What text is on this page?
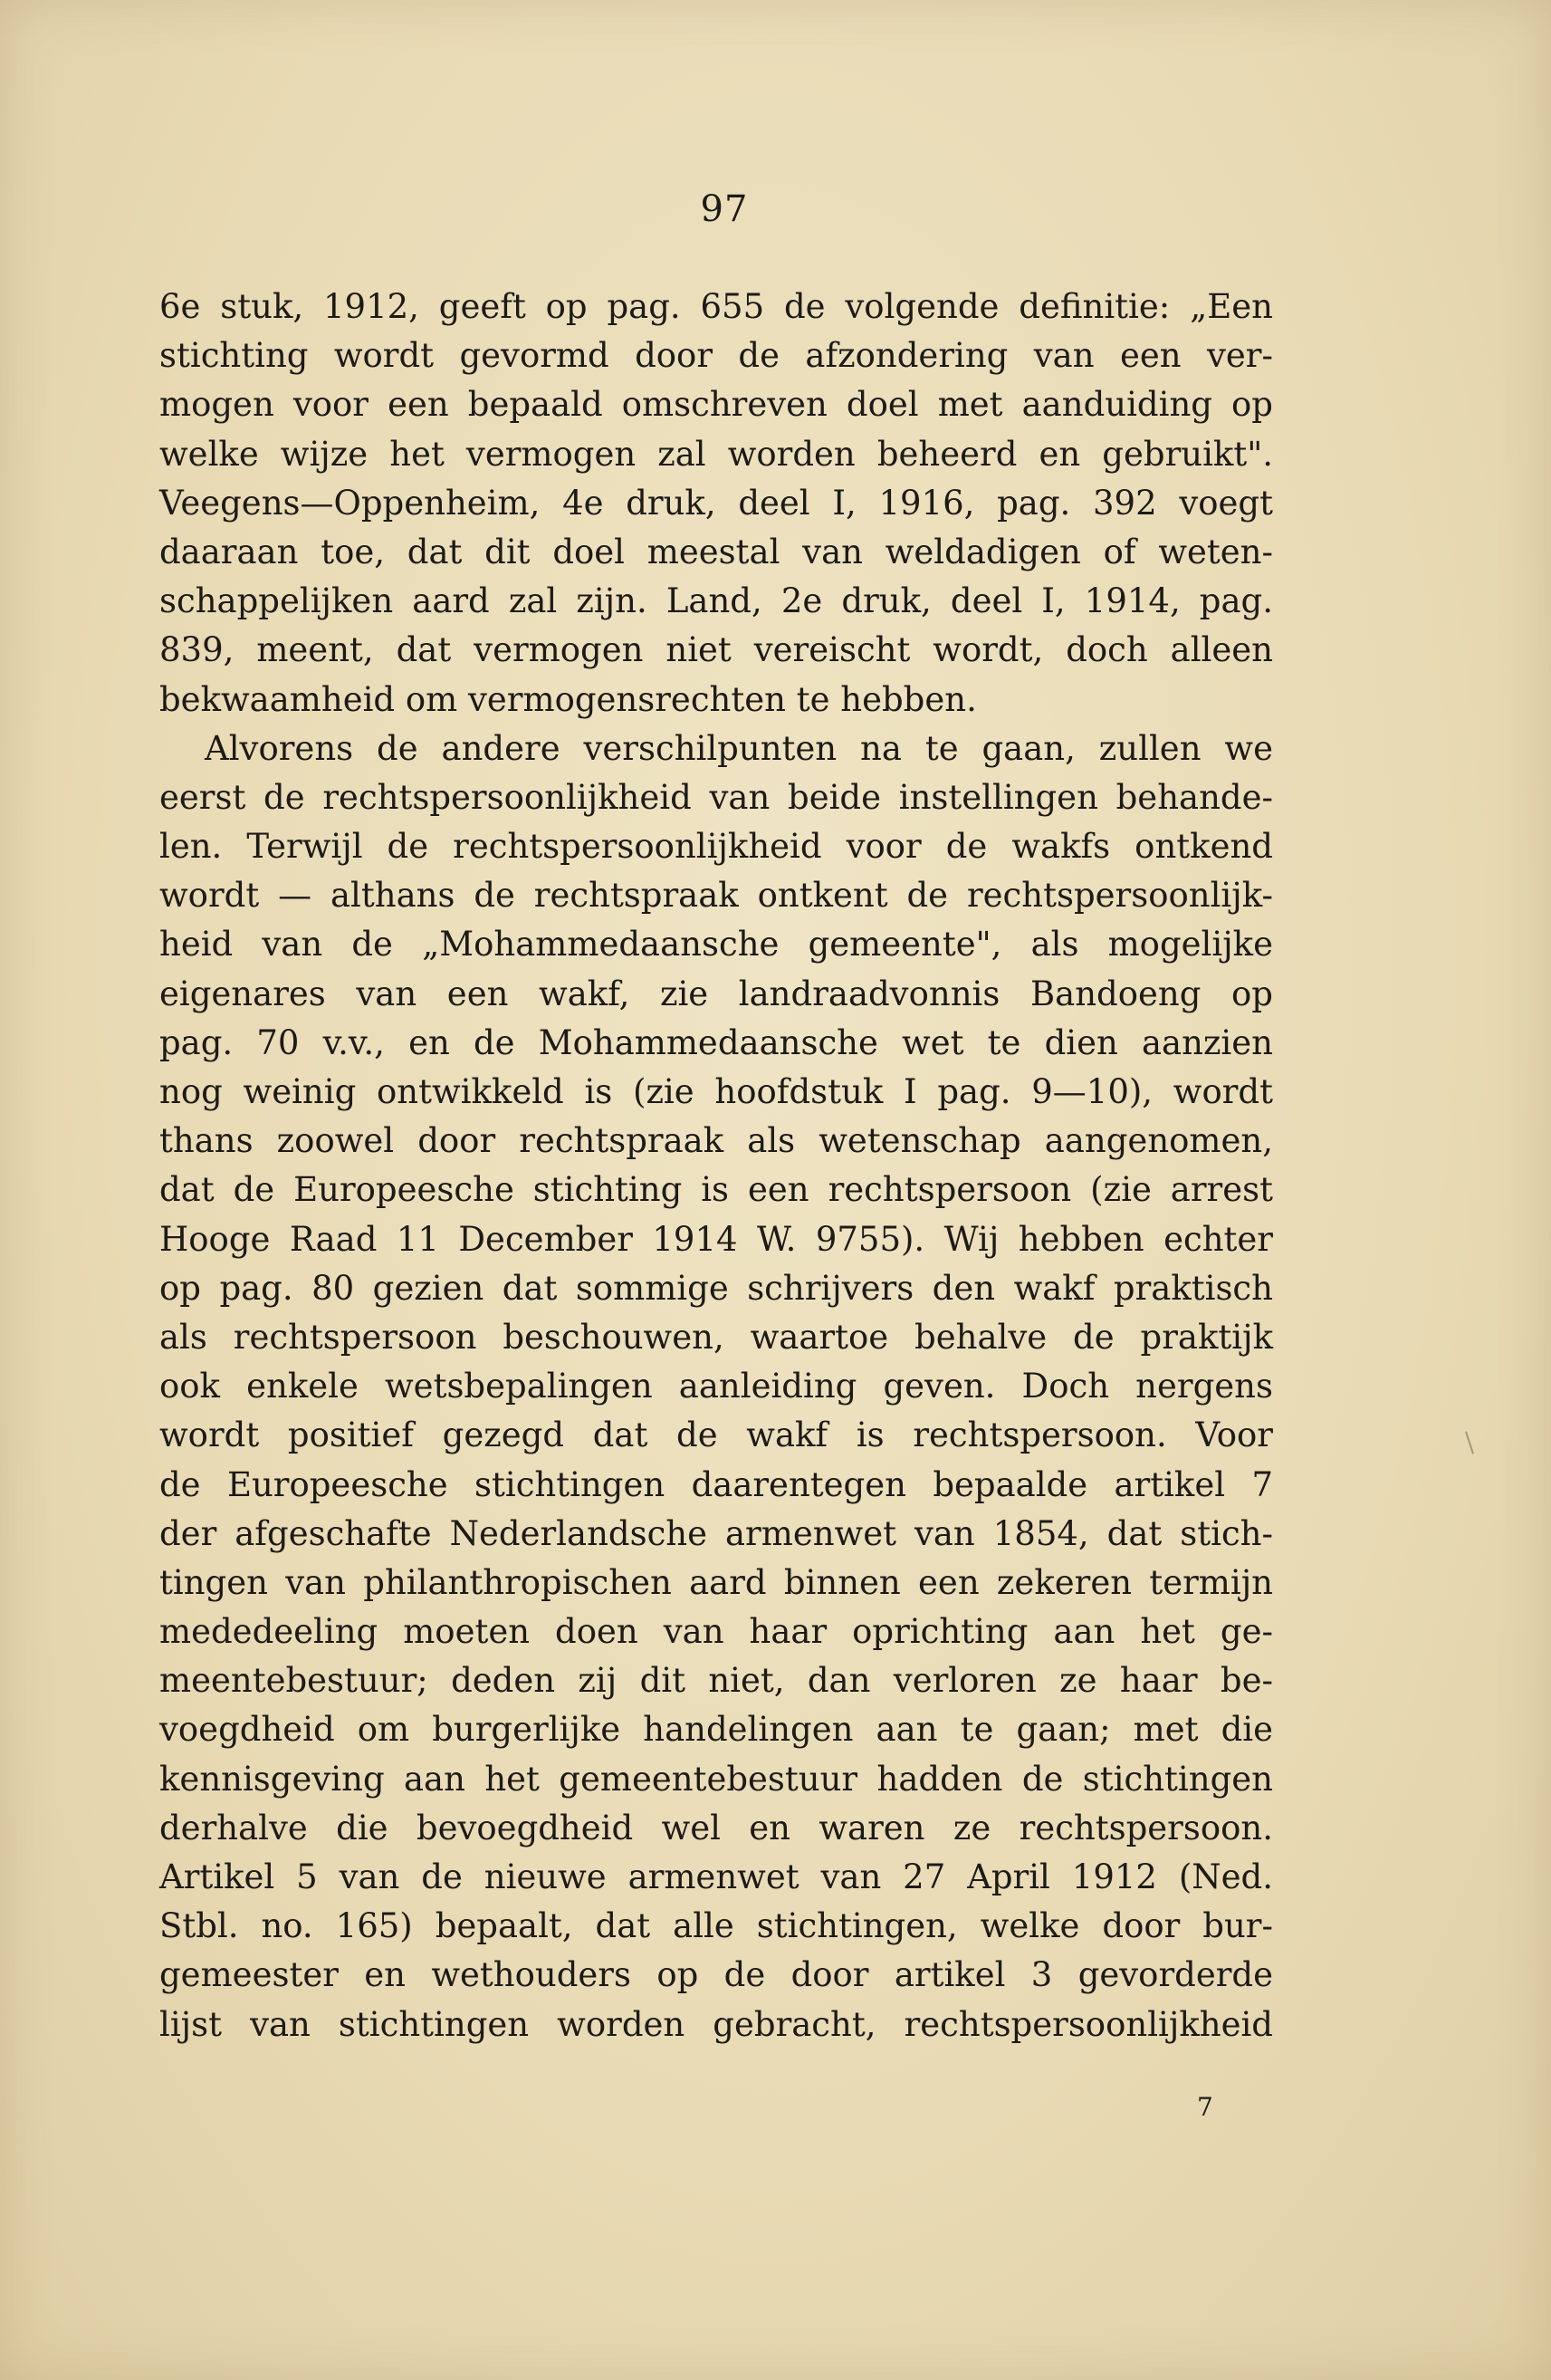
97
6e stuk, 1912, geeft op pag. 655 de volgende definitie: „Een
stichting wordt gevormd door de afzondering van een ver-
mogen voor een bepaald omschreven doel met aanduiding op
welke wijze het vermogen zal worden beheerd en gebruikt".
Veegens—Oppenheim, 4e druk, deel I, 1916, pag. 392 voegt
daaraan toe, dat dit doel meestal van weldadigen of weten-
schappelijken aard zal zijn. Land, 2e druk, deel I, 1914, pag.
839, meent, dat vermogen niet vereischt wordt, doch alleen
bekwaamheid om vermogensrechten te hebben.
Alvorens de andere verschilpunten na te gaan, zullen we
eerst de rechtspersoonlijkheid van beide instellingen behande-
len. Terwijl de rechtspersoonlijkheid voor de wakfs ontkend
wordt — althans de rechtspraak ontkent de rechtspersoonlijk-
heid van de „Mohammedaansche gemeente", als mogelijke
eigenares van een wakf, zie landraadvonnis Bandoeng op
pag. 70 v.v., en de Mohammedaansche wet te dien aanzien
nog weinig ontwikkeld is (zie hoofdstuk I pag. 9—10), wordt
thans zoowel door rechtspraak als wetenschap aangenomen,
dat de Europeesche stichting is een rechtspersoon (zie arrest
Hooge Raad 11 December 1914 W. 9755). Wij hebben echter
op pag. 80 gezien dat sommige schrijvers den wakf praktisch
als rechtspersoon beschouwen, waartoe behalve de praktijk
ook enkele wetsbepalingen aanleiding geven. Doch nergens
wordt positief gezegd dat de wakf is rechtspersoon. Voor
de Europeesche stichtingen daarentegen bepaalde artikel 7
der afgeschafte Nederlandsche armenwet van 1854, dat stich-
tingen van philanthropischen aard binnen een zekeren termijn
mededeeling moeten doen van haar oprichting aan het ge-
meentebestuur; deden zij dit niet, dan verloren ze haar be-
voegdheid om burgerlijke handelingen aan te gaan; met die
kennisgeving aan het gemeentebestuur hadden de stichtingen
derhalve die bevoegdheid wel en waren ze rechtspersoon.
Artikel 5 van de nieuwe armenwet van 27 April 1912 (Ned.
Stbl. no. 165) bepaalt, dat alle stichtingen, welke door bur-
gemeester en wethouders op de door artikel 3 gevorderde
lijst van stichtingen worden gebracht, rechtspersoonlijkheid
7
